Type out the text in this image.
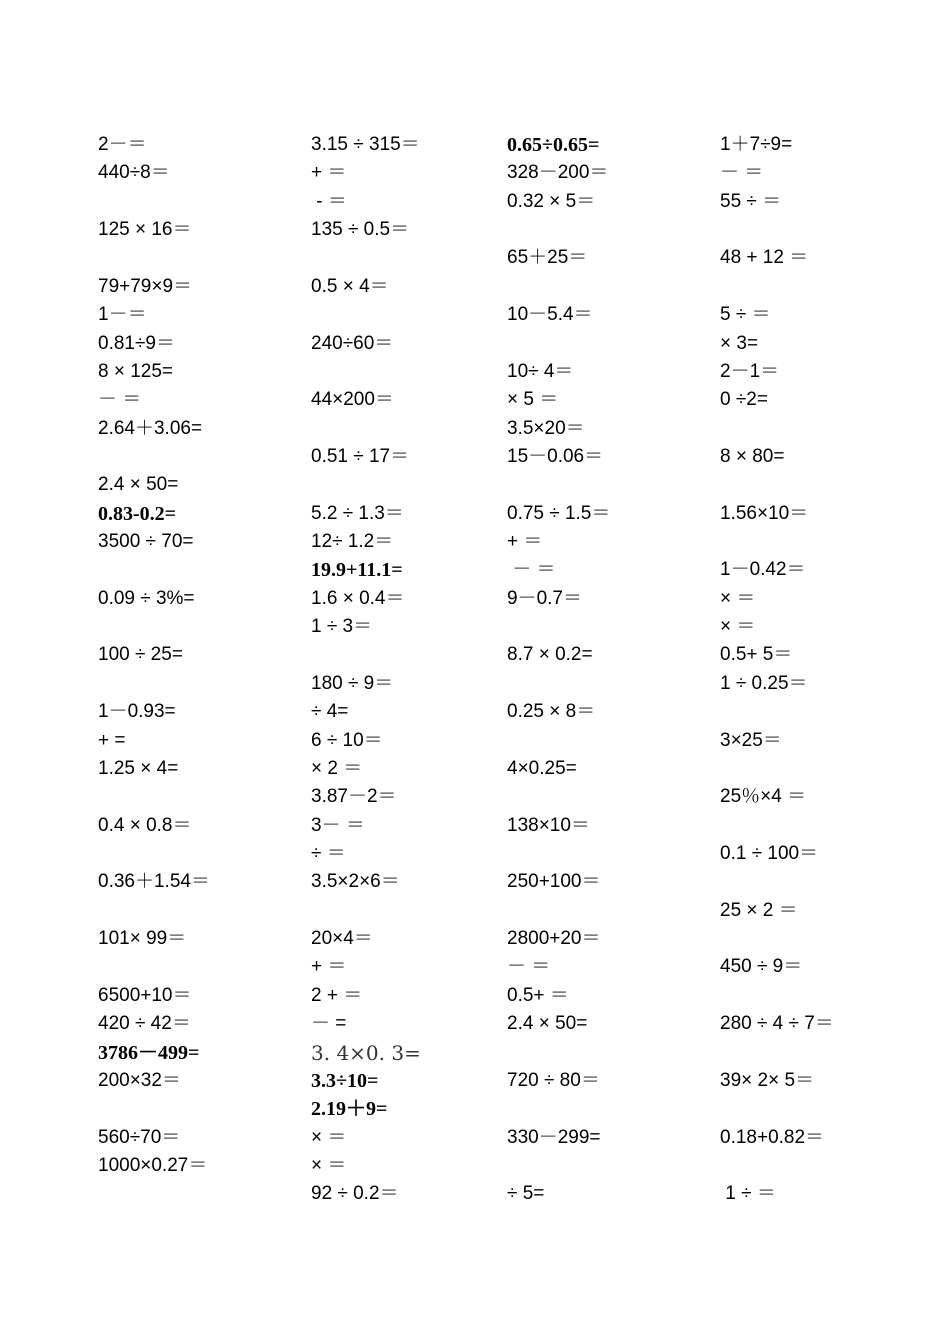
2－＝
440÷8＝
125 × 16＝
79+79×9＝
1－＝
0.81÷9＝
8 × 125=
－ ＝
2.64＋3.06=
2.4 × 50=
0.83-0.2=
3500 ÷ 70=
0.09 ÷ 3%=
100 ÷ 25=
1－0.93=
+ =
1.25 × 4=
0.4 × 0.8＝
0.36＋1.54＝
101× 99＝
6500+10＝
420 ÷ 42＝
3786－499=
200×32＝
560÷70＝
1000×0.27＝
3.15 ÷ 315＝
+ ＝
- ＝
135 ÷ 0.5＝
0.5 × 4＝
240÷60＝
44×200＝
0.51 ÷ 17＝
5.2 ÷ 1.3＝
12÷ 1.2＝
19.9+11.1=
1.6 × 0.4＝
1 ÷ 3＝
180 ÷ 9＝
÷ 4=
6 ÷ 10＝
× 2 ＝
3.87－2＝
3－ ＝
÷ ＝
3.5×2×6＝
20×4＝
+ ＝
2 + ＝
－ =
3. 4×0. 3=
3.3÷10=
2.19＋9=
× ＝
× ＝
92 ÷ 0.2＝
0.65÷0.65=
328－200＝
0.32 × 5＝
65＋25＝
10－5.4＝
10÷ 4＝
× 5 ＝
3.5×20＝
15－0.06＝
0.75 ÷ 1.5＝
+ ＝
－ ＝
9－0.7＝
8.7 × 0.2=
0.25 × 8＝
4×0.25=
138×10＝
250+100＝
2800+20＝
－ ＝
0.5+ ＝
2.4 × 50=
720 ÷ 80＝
330－299=
÷ 5=
1＋7÷9=
－ ＝
55 ÷ ＝
48 + 12 ＝
5 ÷ ＝
× 3=
2－1＝
0 ÷2=
8 × 80=
1.56×10＝
1－0.42＝
× ＝
× ＝
0.5+ 5＝
1 ÷ 0.25＝
3×25＝
25％×4 ＝
0.1 ÷ 100＝
25 × 2 ＝
450 ÷ 9＝
280 ÷ 4 ÷ 7＝
39× 2× 5＝
0.18+0.82＝
1 ÷ ＝
